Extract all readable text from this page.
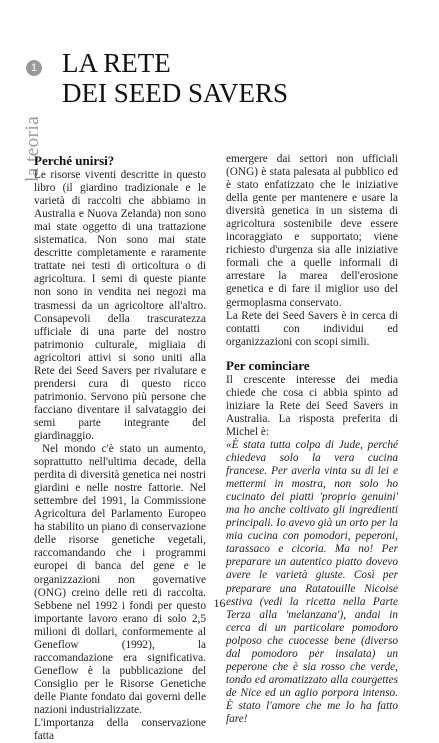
1
la teoria
LA RETE
DEI SEED SAVERS
Perché unirsi?

Le risorse viventi descritte in questo libro (il giardino tradizionale e le varietà di raccolti che abbiamo in Australia e Nuova Zelanda) non sono mai state oggetto di una trattazione sistematica. Non sono mai state descritte completamente e raramente trattate nei testi di orticoltura o di agricoltura. I semi di queste piante non sono in vendita nei negozi ma trasmessi da un agricoltore all'altro. Consapevoli della trascuratezza ufficiale di una parte del nostro patrimonio culturale, migliaia di agricoltori attivi si sono uniti alla Rete dei Seed Savers per rivalutare e prendersi cura di questo ricco patrimonio. Servono più persone che facciano diventare il salvataggio dei semi parte integrante del giardinaggio.

Nel mondo c'è stato un aumento, soprattutto nell'ultima decade, della perdita di diversità genetica nei nostri giardini e nelle nostre fattorie. Nel settembre del 1991, la Commissione Agricoltura del Parlamento Europeo ha stabilito un piano di conservazione delle risorse genetiche vegetali, raccomandando che i programmi europei di banca del gene e le organizzazioni non governative (ONG) creino delle reti di raccolta. Sebbene nel 1992 i fondi per questo importante lavoro erano di solo 2,5 milioni di dollari, conformemente al Geneflow (1992), la raccomandazione era significativa. Geneflow è la pubblicazione del Consiglio per le Risorse Genetiche delle Piante fondato dai governi delle nazioni industrializzate.

L'importanza della conservazione fatta

emergere dai settori non ufficiali (ONG) è stata palesata al pubblico ed è stato enfatizzato che le iniziative della gente per mantenere e usare la diversità genetica in un sistema di agricoltura sostenibile deve essere incoraggiato e supportato; viene richiesto d'urgenza sia alle iniziative formali che a quelle informali di arrestare la marea dell'erosione genetica e di fare il miglior uso del germoplasma conservato.

La Rete dei Seed Savers è in cerca di contatti con individui ed organizzazioni con scopi simili.

Per cominciare

Il crescente interesse dei media chiede che cosa ci abbia spinto ad iniziare la Rete dei Seed Savers in Australia. La risposta preferita di Michel è:

«È stata tutta colpa di Jude, perché chiedeva solo la vera cucina francese. Per averla vinta su di lei e mettermi in mostra, non solo ho cucinato dei piatti 'proprio genuini' ma ho anche coltivato gli ingredienti principali. Io avevo già un orto per la mia cucina con pomodori, peperoni, tarassaco e cicoria. Ma no! Per preparare un autentico piatto dovevo avere le varietà giuste. Così per preparare una Ratatouille Nicoise estiva (vedi la ricetta nella Parte Terza alla 'melanzana'), andai in cerca di un particolare pomodoro polposo che cuocesse bene (diverso dal pomodoro per insalata) un peperone che è sia rosso che verde, tondo ed aromatizzato alla courgettes de Nice ed un aglio porpora intenso. È stato l'amore che me lo ha fatto fare!

16
